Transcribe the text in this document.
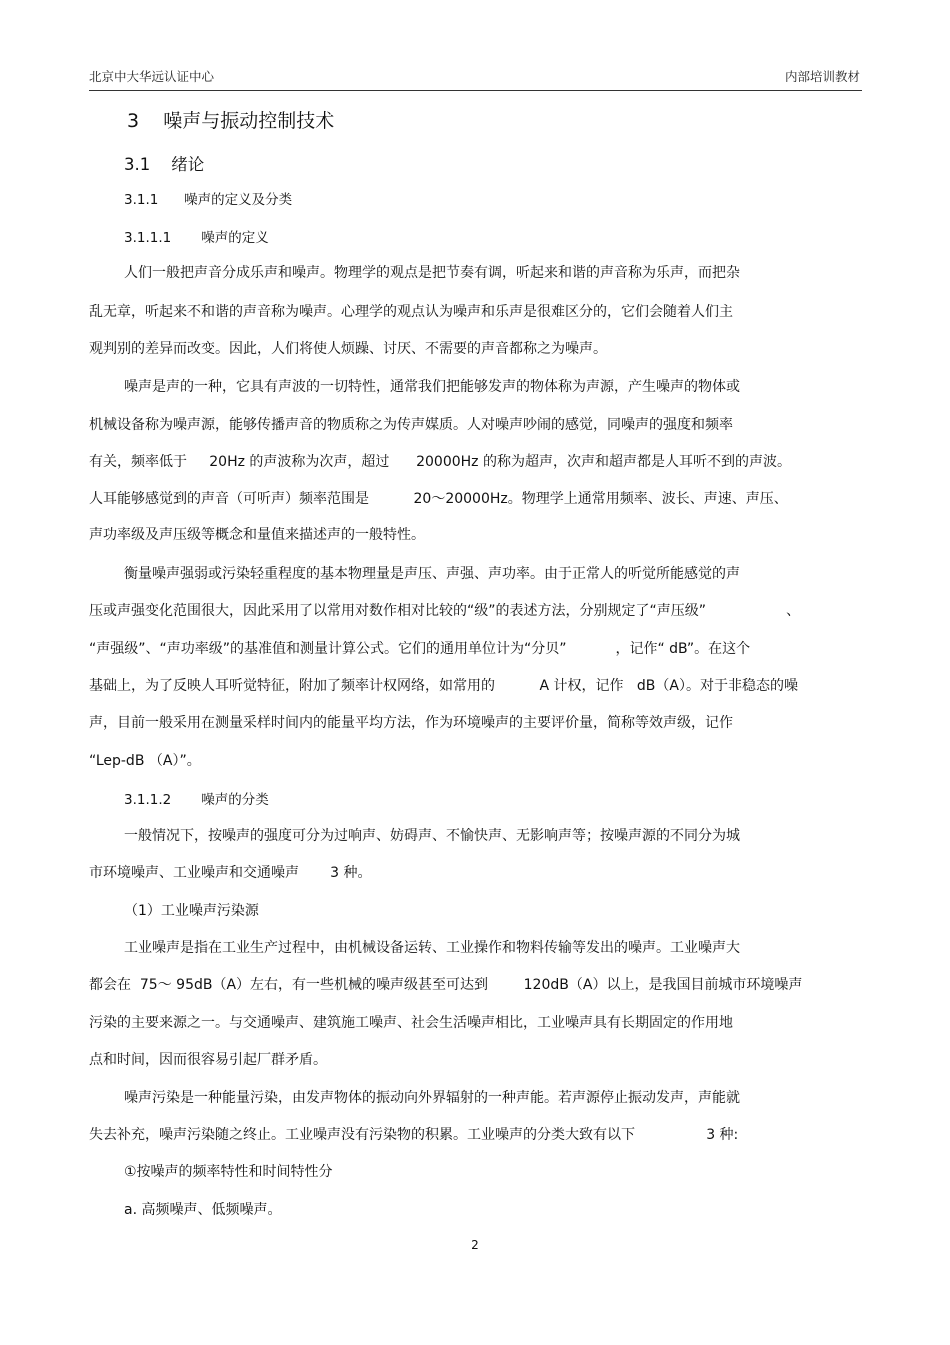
北京中大华远认证中心	内部培训教材
3    噪声与振动控制技术
3.1    绪论
3.1.1      噪声的定义及分类
3.1.1.1       噪声的定义
人们一般把声音分成乐声和噪声。物理学的观点是把节奏有调，听起来和谐的声音称为乐声，而把杂
乱无章，听起来不和谐的声音称为噪声。心理学的观点认为噪声和乐声是很难区分的，它们会随着人们主
观判别的差异而改变。因此，人们将使人烦躁、讨厌、不需要的声音都称之为噪声。
噪声是声的一种，它具有声波的一切特性，通常我们把能够发声的物体称为声源，产生噪声的物体或
机械设备称为噪声源，能够传播声音的物质称之为传声媒质。人对噪声吵闹的感觉，同噪声的强度和频率
有关，频率低于     20Hz 的声波称为次声，超过      20000Hz 的称为超声，次声和超声都是人耳听不到的声波。
人耳能够感觉到的声音（可听声）频率范围是          20～20000Hz。物理学上通常用频率、波长、声速、声压、
声功率级及声压级等概念和量值来描述声的一般特性。
衡量噪声强弱或污染轻重程度的基本物理量是声压、声强、声功率。由于正常人的听觉所能感觉的声
压或声强变化范围很大，因此采用了以常用对数作相对比较的“级”的表述方法，分别规定了“声压级”                  、
“声强级”、“声功率级”的基准值和测量计算公式。它们的通用单位计为“分贝”           ，记作“ dB”。在这个
基础上，为了反映人耳听觉特征，附加了频率计权网络，如常用的          A 计权，记作   dB（A）。对于非稳态的噪
声，目前一般采用在测量采样时间内的能量平均方法，作为环境噪声的主要评价量，简称等效声级，记作
“Lep-dB （A）”。
3.1.1.2       噪声的分类
一般情况下，按噪声的强度可分为过响声、妨碍声、不愉快声、无影响声等；按噪声源的不同分为城
市环境噪声、工业噪声和交通噪声       3 种。
（1）工业噪声污染源
工业噪声是指在工业生产过程中，由机械设备运转、工业操作和物料传输等发出的噪声。工业噪声大
都会在  75～ 95dB（A）左右，有一些机械的噪声级甚至可达到        120dB（A）以上，是我国目前城市环境噪声
污染的主要来源之一。与交通噪声、建筑施工噪声、社会生活噪声相比，工业噪声具有长期固定的作用地
点和时间，因而很容易引起厂群矛盾。
噪声污染是一种能量污染，由发声物体的振动向外界辐射的一种声能。若声源停止振动发声，声能就
失去补充，噪声污染随之终止。工业噪声没有污染物的积累。工业噪声的分类大致有以下                3 种:
①按噪声的频率特性和时间特性分
a. 高频噪声、低频噪声。
2
